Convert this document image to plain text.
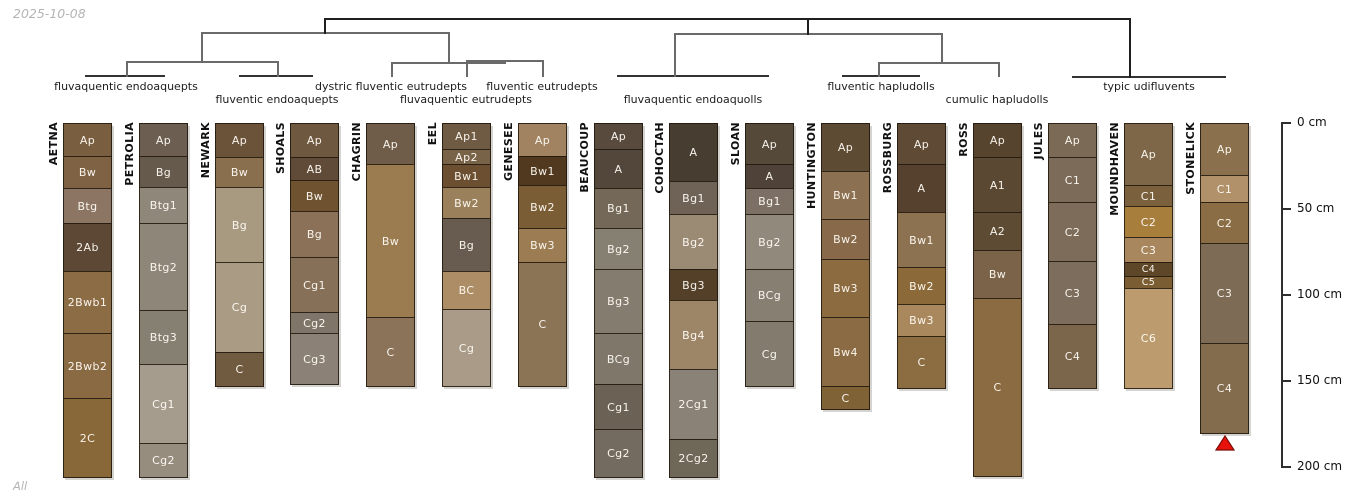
2025-10-08
fluvaquentic endoaquepts
fluventic endoaquepts
dystric fluventic eutrudepts
fluvaquentic eutrudepts
fluventic eutrudepts
fluvaquentic endoaquolls
fluventic hapludolls
cumulic hapludolls
typic udifluvents
AETNA Ap
Bw
Btg
2Ab
2Bwb1
2Bwb2
2C
PETROLIA Ap
Bg
Btg1
Btg2
Btg3
Cg1
Cg2
NEWARK Ap
Bw
Bg
Cg
C
SHOALS Ap
AB
Bw
Bg
Cg1
Cg2
Cg3
CHAGRIN Ap
Bw
C
EEL Ap1
Ap2
Bw1
Bw2
Bg
BC
Cg
GENESEE Ap
Bw1
Bw2
Bw3
C
BEAUCOUP Ap
A
Bg1
Bg2
Bg3
BCg
Cg1
Cg2
COHOCTAH A
Bg1
Bg2
Bg3
Bg4
2Cg1
2Cg2
SLOAN Ap
A
Bg1
Bg2
BCg
Cg
HUNTINGTON Ap
Bw1
Bw2
Bw3
Bw4
C
ROSSBURG Ap
A
Bw1
Bw2
Bw3
C
ROSS Ap
A1
A2
Bw
C
JULES Ap
C1
C2
C3
C4
MOUNDHAVEN Ap
C1
C2
C3
C4
C5
C6
STONELICK Ap
C1
C2
C3
C4
0 cm
50 cm
100 cm
150 cm
200 cm
All
